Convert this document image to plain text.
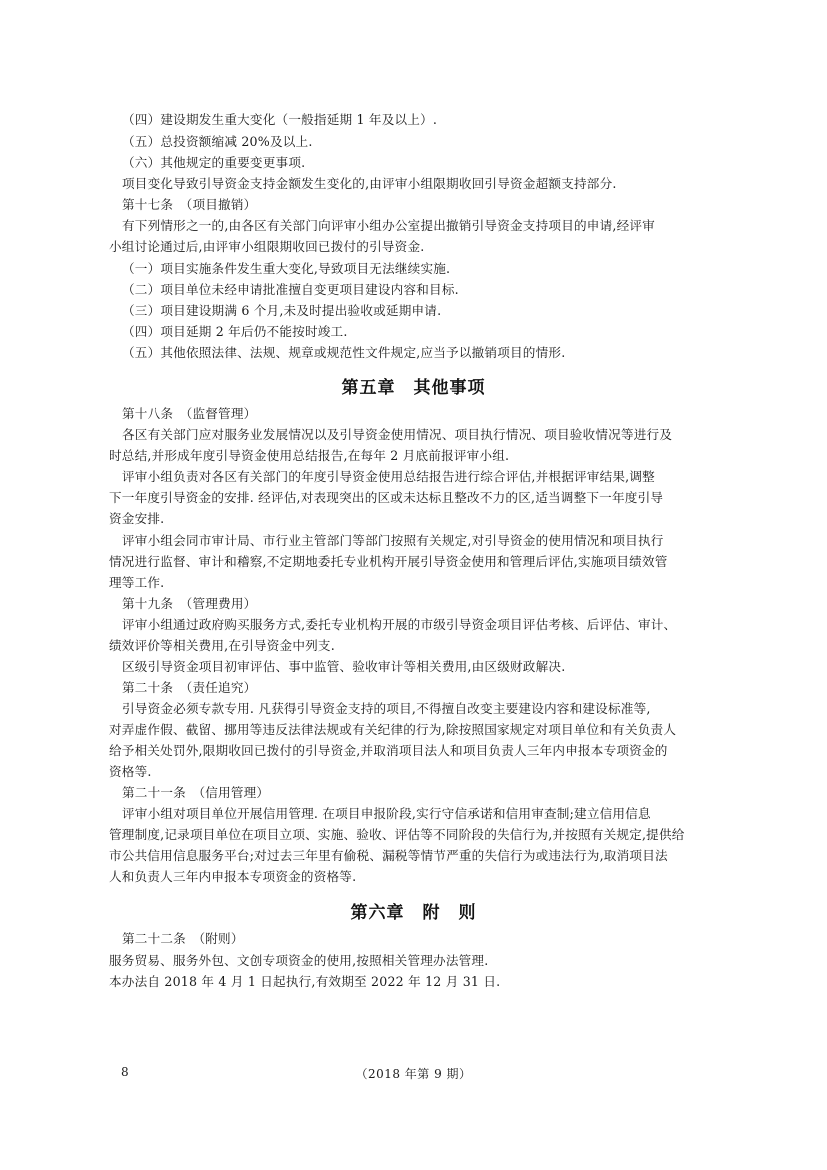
（四）建设期发生重大变化（一般指延期 1 年及以上）.
（五）总投资额缩减 20%及以上.
（六）其他规定的重要变更事项.
项目变化导致引导资金支持金额发生变化的,由评审小组限期收回引导资金超额支持部分.
第十七条　（项目撤销）
有下列情形之一的,由各区有关部门向评审小组办公室提出撤销引导资金支持项目的申请,经评审
小组讨论通过后,由评审小组限期收回已拨付的引导资金.
（一）项目实施条件发生重大变化,导致项目无法继续实施.
（二）项目单位未经申请批准擅自变更项目建设内容和目标.
（三）项目建设期满 6 个月,未及时提出验收或延期申请.
（四）项目延期 2 年后仍不能按时竣工.
（五）其他依照法律、法规、规章或规范性文件规定,应当予以撤销项目的情形.
第五章　其他事项
第十八条　（监督管理）
各区有关部门应对服务业发展情况以及引导资金使用情况、项目执行情况、项目验收情况等进行及
时总结,并形成年度引导资金使用总结报告,在每年 2 月底前报评审小组.
评审小组负责对各区有关部门的年度引导资金使用总结报告进行综合评估,并根据评审结果,调整
下一年度引导资金的安排. 经评估,对表现突出的区或未达标且整改不力的区,适当调整下一年度引导
资金安排.
评审小组会同市审计局、市行业主管部门等部门按照有关规定,对引导资金的使用情况和项目执行
情况进行监督、审计和稽察,不定期地委托专业机构开展引导资金使用和管理后评估,实施项目绩效管
理等工作.
第十九条　（管理费用）
评审小组通过政府购买服务方式,委托专业机构开展的市级引导资金项目评估考核、后评估、审计、
绩效评价等相关费用,在引导资金中列支.
区级引导资金项目初审评估、事中监管、验收审计等相关费用,由区级财政解决.
第二十条　（责任追究）
引导资金必须专款专用. 凡获得引导资金支持的项目,不得擅自改变主要建设内容和建设标准等,
对弄虚作假、截留、挪用等违反法律法规或有关纪律的行为,除按照国家规定对项目单位和有关负责人
给予相关处罚外,限期收回已拨付的引导资金,并取消项目法人和项目负责人三年内申报本专项资金的
资格等.
第二十一条　（信用管理）
评审小组对项目单位开展信用管理. 在项目申报阶段,实行守信承诺和信用审查制;建立信用信息
管理制度,记录项目单位在项目立项、实施、验收、评估等不同阶段的失信行为,并按照有关规定,提供给
市公共信用信息服务平台;对过去三年里有偷税、漏税等情节严重的失信行为或违法行为,取消项目法
人和负责人三年内申报本专项资金的资格等.
第六章　附　则
第二十二条　（附则）
服务贸易、服务外包、文创专项资金的使用,按照相关管理办法管理.
本办法自 2018 年 4 月 1 日起执行,有效期至 2022 年 12 月 31 日.
8	（2018 年第 9 期）
